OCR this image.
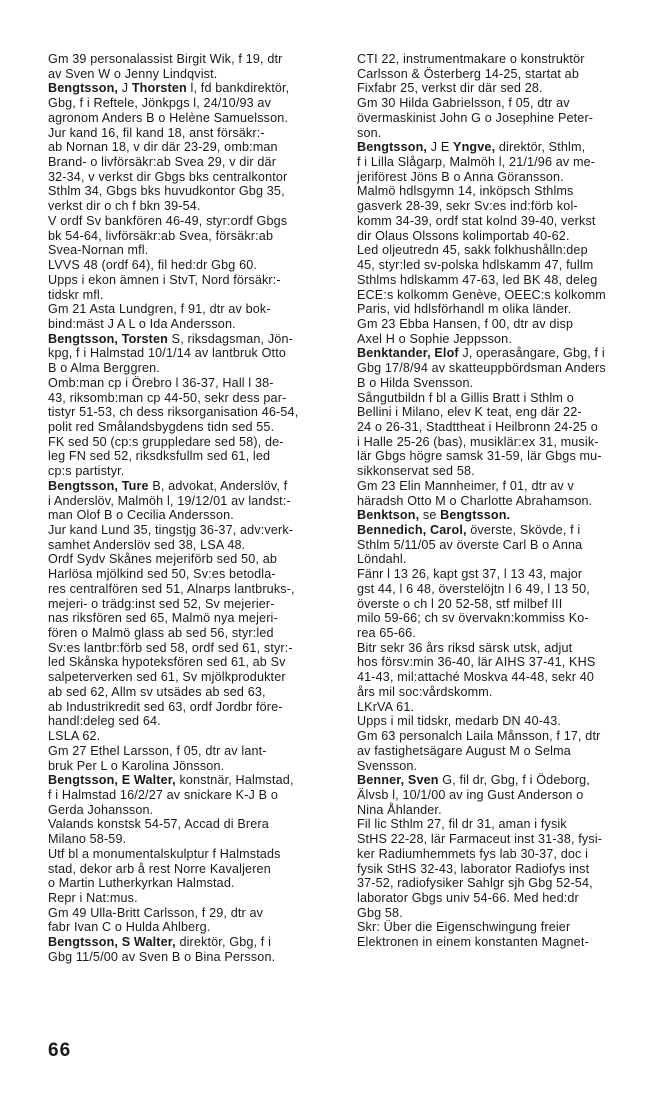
Gm 39 personalassist Birgit Wik, f 19, dtr

av Sven W o Jenny Lindqvist.

Bengtsson, J Thorsten l, fd bankdirektör,

Gbg, f i Reftele, Jönkpgs l, 24/10/93 av

agronom Anders B o Helène Samuelsson.

Jur kand 16, fil kand 18, anst försäkr:-

ab Nornan 18, v dir där 23-29, omb:man

Brand- o livförsäkr:ab Svea 29, v dir där

32-34, v verkst dir Gbgs bks centralkontor

Sthlm 34, Gbgs bks huvudkontor Gbg 35,

verkst dir o ch f bkn 39-54.

V ordf Sv bankfören 46-49, styr:ordf Gbgs

bk 54-64, livförsäkr:ab Svea, försäkr:ab

Svea-Nornan mfl.

LVVS 48 (ordf 64), fil hed:dr Gbg 60.

Upps i ekon ämnen i StvT, Nord försäkr:-

tidskr mfl.

Gm 21 Asta Lundgren, f 91, dtr av bok-

bind:mäst J A L o Ida Andersson.

Bengtsson, Torsten S, riksdagsman, Jön-

kpg, f i Halmstad 10/1/14 av lantbruk Otto

B o Alma Berggren.

Omb:man cp i Örebro l 36-37, Hall l 38-

43, riksomb:man cp 44-50, sekr dess par-

tistyr 51-53, ch dess riksorganisation 46-54,

polit red Smålandsbygdens tidn sed 55.

FK sed 50 (cp:s gruppledare sed 58), de-

leg FN sed 52, riksdksfullm sed 61, led

cp:s partistyr.

Bengtsson, Ture B, advokat, Anderslöv, f

i Anderslöv, Malmöh l, 19/12/01 av landst:-

man Olof B o Cecilia Andersson.

Jur kand Lund 35, tingstjg 36-37, adv:verk-

samhet Anderslöv sed 38, LSA 48.

Ordf Sydv Skånes mejeriförb sed 50, ab

Harlösa mjölkind sed 50, Sv:es betodla-

res centralfören sed 51, Alnarps lantbruks-,

mejeri- o trädg:inst sed 52, Sv mejerier-

nas riksfören sed 65, Malmö nya mejeri-

fören o Malmö glass ab sed 56, styr:led

Sv:es lantbr:förb sed 58, ordf sed 61, styr:-

led Skånska hypoteksfören sed 61, ab Sv

salpeterverken sed 61, Sv mjölkprodukter

ab sed 62, Allm sv utsädes ab sed 63,

ab Industrikredit sed 63, ordf Jordbr före-

handl:deleg sed 64.

LSLA 62.

Gm 27 Ethel Larsson, f 05, dtr av lant-

bruk Per L o Karolina Jönsson.

Bengtsson, E Walter, konstnär, Halmstad,

f i Halmstad 16/2/27 av snickare K-J B o

Gerda Johansson.

Valands konstsk 54-57, Accad di Brera

Milano 58-59.

Utf bl a monumentalskulptur f Halmstads

stad, dekor arb å rest Norre Kavaljeren

o Martin Lutherkyrkan Halmstad.

Repr i Nat:mus.

Gm 49 Ulla-Britt Carlsson, f 29, dtr av

fabr Ivan C o Hulda Ahlberg.

Bengtsson, S Walter, direktör, Gbg, f i

Gbg 11/5/00 av Sven B o Bina Persson.

CTI 22, instrumentmakare o konstruktör

Carlsson & Österberg 14-25, startat ab

Fixfabr 25, verkst dir där sed 28.

Gm 30 Hilda Gabrielsson, f 05, dtr av

övermaskinist John G o Josephine Peter-

son.

Bengtsson, J E Yngve, direktör, Sthlm,

f i Lilla Slågarp, Malmöh l, 21/1/96 av me-

jeriförest Jöns B o Anna Göransson.

Malmö hdlsgymn 14, inköpsch Sthlms

gasverk 28-39, sekr Sv:es ind:förb kol-

komm 34-39, ordf stat kolnd 39-40, verkst

dir Olaus Olssons kolimportab 40-62.

Led oljeutredn 45, sakk folkhushålln:dep

45, styr:led sv-polska hdlskamm 47, fullm

Sthlms hdlskamm 47-63, led BK 48, deleg

ECE:s kolkomm Genève, OEEC:s kolkomm

Paris, vid hdlsförhandl m olika länder.

Gm 23 Ebba Hansen, f 00, dtr av disp

Axel H o Sophie Jeppsson.

Benktander, Elof J, operasångare, Gbg, f i

Gbg 17/8/94 av skatteuppbördsman Anders

B o Hilda Svensson.

Sångutbildn f bl a Gillis Bratt i Sthlm o

Bellini i Milano, elev K teat, eng där 22-

24 o 26-31, Stadttheat i Heilbronn 24-25 o

i Halle 25-26 (bas), musiklär:ex 31, musik-

lär Gbgs högre samsk 31-59, lär Gbgs mu-

sikkonservat sed 58.

Gm 23 Elin Mannheimer, f 01, dtr av v

häradsh Otto M o Charlotte Abrahamson.

Benktson, se Bengtsson.

Bennedich, Carol, överste, Skövde, f i

Sthlm 5/11/05 av överste Carl B o Anna

Löndahl.

Fänr l 13 26, kapt gst 37, l 13 43, major

gst 44, l 6 48, överstelöjtn l 6 49, l 13 50,

överste o ch l 20 52-58, stf milbef III

milo 59-66; ch sv övervakn:kommiss Ko-

rea 65-66.

Bitr sekr 36 års riksd särsk utsk, adjut

hos försv:min 36-40, lär AIHS 37-41, KHS

41-43, mil:attaché Moskva 44-48, sekr 40

års mil soc:vårdskomm.

LKrVA 61.

Upps i mil tidskr, medarb DN 40-43.

Gm 63 personalch Laila Månsson, f 17, dtr

av fastighetsägare August M o Selma

Svensson.

Benner, Sven G, fil dr, Gbg, f i Ödeborg,

Älvsb l, 10/1/00 av ing Gust Anderson o

Nina Åhlander.

Fil lic Sthlm 27, fil dr 31, aman i fysik

StHS 22-28, lär Farmaceut inst 31-38, fysi-

ker Radiumhemmets fys lab 30-37, doc i

fysik StHS 32-43, laborator Radiofys inst

37-52, radiofysiker Sahlgr sjh Gbg 52-54,

laborator Gbgs univ 54-66. Med hed:dr

Gbg 58.

Skr: Über die Eigenschwingung freier

Elektronen in einem konstanten Magnet-

66
